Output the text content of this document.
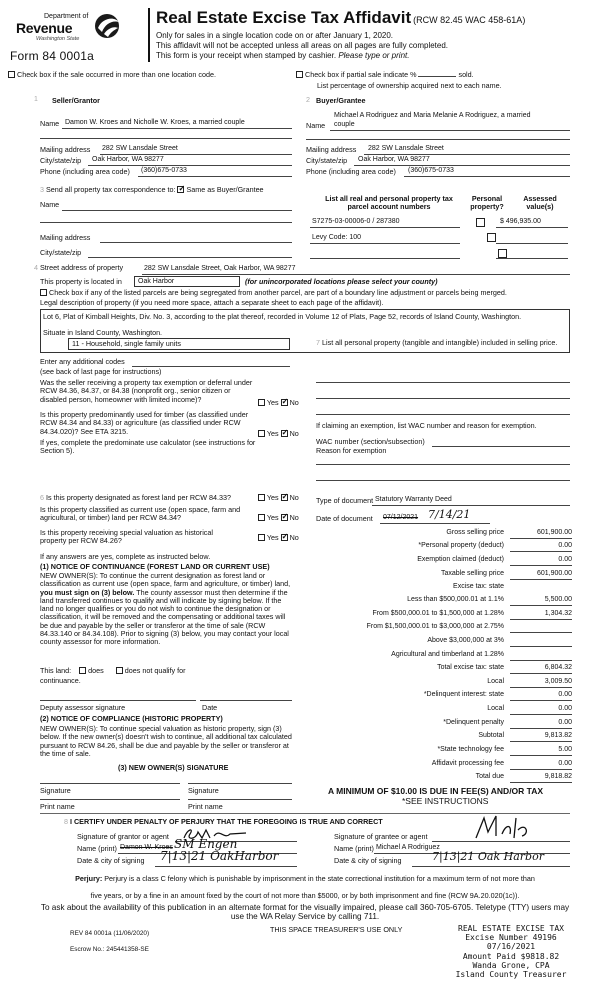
Department of
Revenue
Washington State
Form 84 0001a
Real Estate Excise Tax Affidavit (RCW 82.45 WAC 458-61A)
Only for sales in a single location code on or after January 1, 2020.
This affidavit will not be accepted unless all areas on all pages are fully completed.
This form is your receipt when stamped by cashier. Please type or print.
Check box if the sale occurred in more than one location code.	Check box if partial sale indicate %	sold.
List percentage of ownership acquired next to each name.
1 Seller/Grantor
Name Damon W. Kroes and Nicholle W. Kroes, a married couple
Mailing address 282 SW Lansdale Street
City/state/zip Oak Harbor, WA 98277
Phone (including area code) (360)675-0733
2 Buyer/Grantee
Michael A Rodriguez and Maria Melanie A Rodriguez, a married
Name couple
Mailing address 282 SW Lansdale Street
City/state/zip Oak Harbor, WA 98277
Phone (including area code) (360)675-0733
3 Send all property tax correspondence to: ✓ Same as Buyer/Grantee
Name
Mailing address
City/state/zip
List all real and personal property tax parcel account numbers
Personal property?
Assessed value(s)
S7275-03-00006-0 / 287380
	$ 496,935.00
Levy Code: 100

4 Street address of property	282 SW Lansdale Street, Oak Harbor, WA 98277
This property is located in	Oak Harbor	(for unincorporated locations please select your county)
Check box if any of the listed parcels are being segregated from another parcel, are part of a boundary line adjustment or parcels being merged.
Legal description of property (if you need more space, attach a separate sheet to each page of the affidavit).
Lot 6, Plat of Kimball Heights, Div. No. 3, according to the plat thereof, recorded in Volume 12 of Plats, Page 52, records of Island County, Washington.
Situate in Island County, Washington.
11 - Household, single family units
Enter any additional codes
(see back of last page for instructions)
Was the seller receiving a property tax exemption or deferral under RCW 84.36, 84.37, or 84.38 (nonprofit org., senior citizen or disabled person, homeowner with limited income)?	Yes ✓ No
Is this property predominantly used for timber (as classified under RCW 84.34 and 84.33) or agriculture (as classified under RCW 84.34.020)? See ETA 3215.	Yes ✓ No
If yes, complete the predominate use calculator (see instructions for Section 5).
6 Is this property designated as forest land per RCW 84.33?	Yes ✓ No
Is this property classified as current use (open space, farm and agricultural, or timber) land per RCW 84.34?	Yes ✓ No
Is this property receiving special valuation as historical property per RCW 84.26?	Yes ✓ No
If any answers are yes, complete as instructed below.
(1) NOTICE OF CONTINUANCE (FOREST LAND OR CURRENT USE)
NEW OWNER(S): To continue the current designation as forest land or classification as current use (open space, farm and agriculture, or timber) land, you must sign on (3) below. The county assessor must then determine if the land transferred continues to qualify and will indicate by signing below. If the land no longer qualifies or you do not wish to continue the designation or classification, it will be removed and the compensating or additional taxes will be due and payable by the seller or transferor at the time of sale (RCW 84.33.140 or 84.34.108). Prior to signing (3) below, you may contact your local county assessor for more information.
This land: does	does not qualify for
continuance.
Deputy assessor signature	Date
(2) NOTICE OF COMPLIANCE (HISTORIC PROPERTY)
NEW OWNER(S): To continue special valuation as historic property, sign (3) below. If the new owner(s) doesn't wish to continue, all additional tax calculated pursuant to RCW 84.26, shall be due and payable by the seller or transferor at the time of sale.
(3) NEW OWNER(S) SIGNATURE
Signature	Signature
Print name	Print name
7 List all personal property (tangible and intangible) included in selling price.
If claiming an exemption, list WAC number and reason for exemption.
WAC number (section/subsection)
Reason for exemption
Type of document Statutory Warranty Deed
Date of document 07/12/2021 7/14/21
Gross selling price	601,900.00
*Personal property (deduct)	0.00
Exemption claimed (deduct)	0.00
Taxable selling price	601,900.00
Excise tax: state
Less than $500,000.01 at 1.1%	5,500.00
From $500,000.01 to $1,500,000 at 1.28%	1,304.32
From $1,500,000.01 to $3,000,000 at 2.75%
Above $3,000,000 at 3%
Agricultural and timberland at 1.28%
Total excise tax: state	6,804.32
Local	3,009.50
*Delinquent interest: state	0.00
Local	0.00
*Delinquent penalty	0.00
Subtotal	9,813.82
*State technology fee	5.00
Affidavit processing fee	0.00
Total due	9,818.82
A MINIMUM OF $10.00 IS DUE IN FEE(S) AND/OR TAX
*SEE INSTRUCTIONS
8 I CERTIFY UNDER PENALTY OF PERJURY THAT THE FOREGOING IS TRUE AND CORRECT
Signature of grantor or agent
Name (print) Damon W. Kroes SM Engen
Date & city of signing 7|13|21 OakHarbor
Signature of grantee or agent
Name (print) Michael A Rodriguez
Date & city of signing	7|13|21 Oak Harbor
Perjury: Perjury is a class C felony which is punishable by imprisonment in the state correctional institution for a maximum term of not more than
five years, or by a fine in an amount fixed by the court of not more than $5000, or by both imprisonment and fine (RCW 9A.20.020(1c)).
To ask about the availability of this publication in an alternate format for the visually impaired, please call 360-705-6705. Teletype (TTY) users may use the WA Relay Service by calling 711.
REV 84 0001a (11/06/2020)	THIS SPACE TREASURER'S USE ONLY
Escrow No.: 245441358-SE
REAL ESTATE EXCISE TAX
Excise Number 49196
07/16/2021
Amount Paid $9818.82
Wanda Grone, CPA
Island County Treasurer
